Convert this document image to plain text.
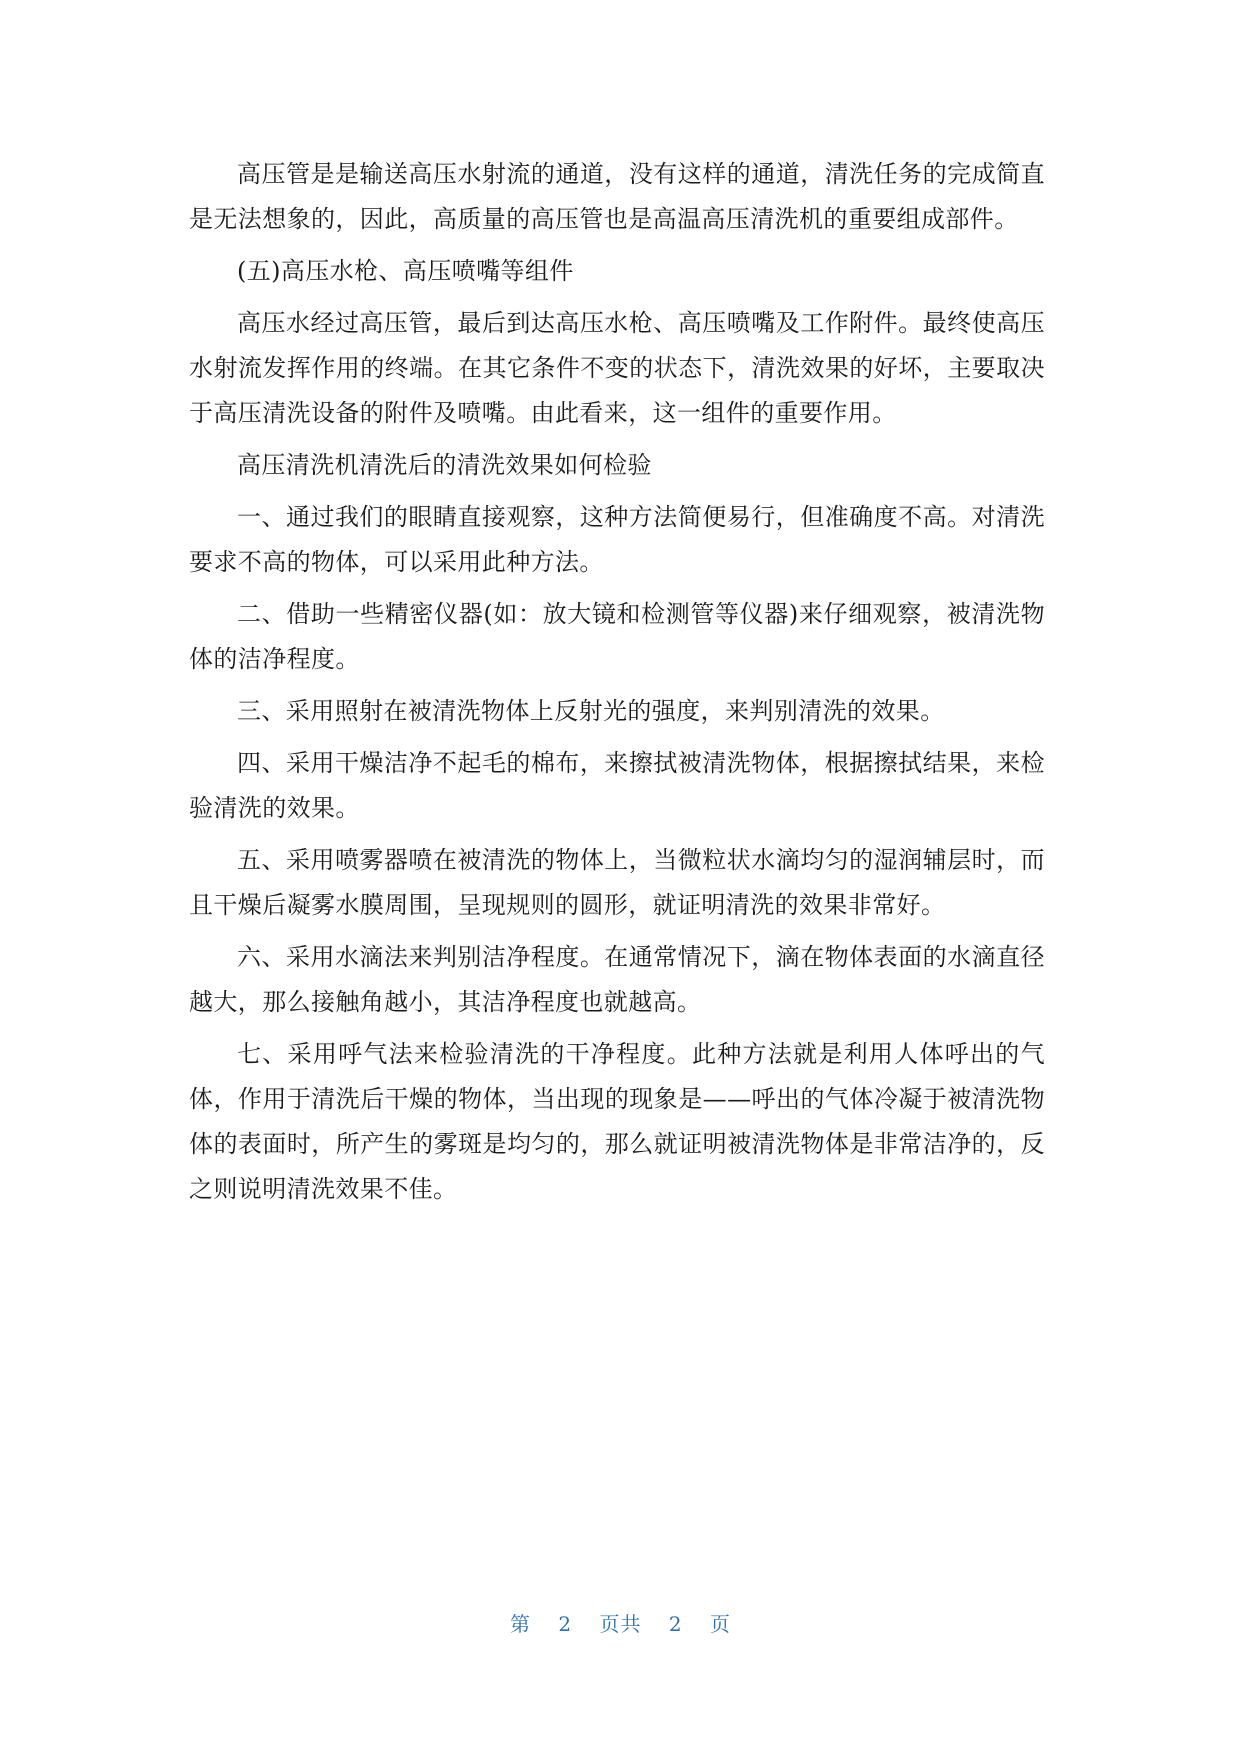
高压管是是输送高压水射流的通道，没有这样的通道，清洗任务的完成简直是无法想象的，因此，高质量的高压管也是高温高压清洗机的重要组成部件。

(五)高压水枪、高压喷嘴等组件

高压水经过高压管，最后到达高压水枪、高压喷嘴及工作附件。最终使高压水射流发挥作用的终端。在其它条件不变的状态下，清洗效果的好坏，主要取决于高压清洗设备的附件及喷嘴。由此看来，这一组件的重要作用。

高压清洗机清洗后的清洗效果如何检验

一、通过我们的眼睛直接观察，这种方法简便易行，但准确度不高。对清洗要求不高的物体，可以采用此种方法。

二、借助一些精密仪器(如：放大镜和检测管等仪器)来仔细观察，被清洗物体的洁净程度。

三、采用照射在被清洗物体上反射光的强度，来判别清洗的效果。

四、采用干燥洁净不起毛的棉布，来擦拭被清洗物体，根据擦拭结果，来检验清洗的效果。

五、采用喷雾器喷在被清洗的物体上，当微粒状水滴均匀的湿润辅层时，而且干燥后凝雾水膜周围，呈现规则的圆形，就证明清洗的效果非常好。

六、采用水滴法来判别洁净程度。在通常情况下，滴在物体表面的水滴直径越大，那么接触角越小，其洁净程度也就越高。

七、采用呼气法来检验清洗的干净程度。此种方法就是利用人体呼出的气体，作用于清洗后干燥的物体，当出现的现象是——呼出的气体冷凝于被清洗物体的表面时，所产生的雾斑是均匀的，那么就证明被清洗物体是非常洁净的，反之则说明清洗效果不佳。

第 2 页共 2 页
